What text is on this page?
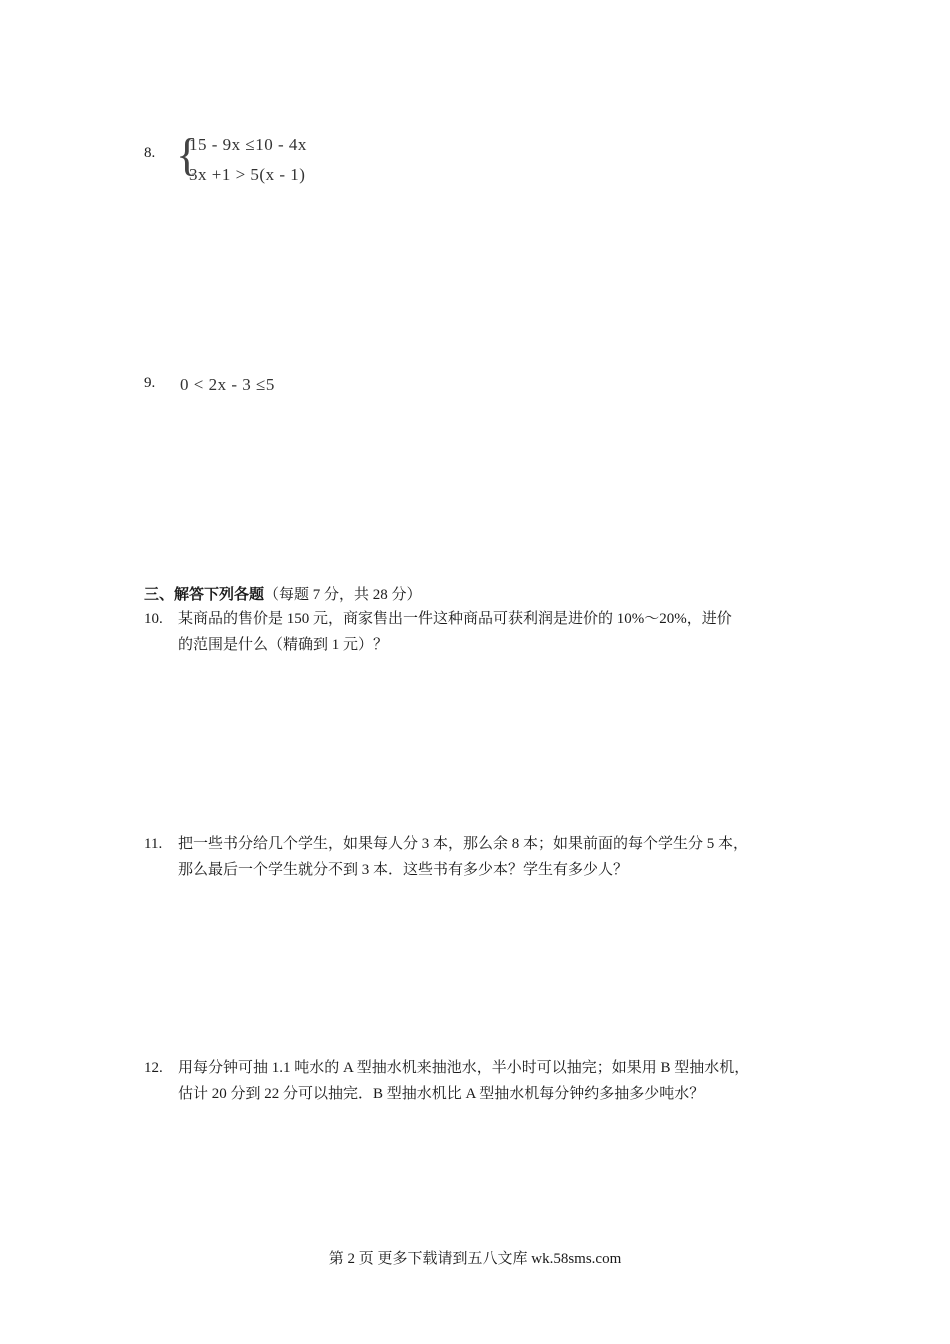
8. {
15 - 9x ≤10 - 4x
3x +1 > 5(x - 1)
9. 0 < 2x - 3 ≤5
三、解答下列各题（每题 7 分，共 28 分）
10. 某商品的售价是 150 元，商家售出一件这种商品可获利润是进价的 10%～20%，进价
的范围是什么（精确到 1 元）？
11. 把一些书分给几个学生，如果每人分 3 本，那么余 8 本；如果前面的每个学生分 5 本，
那么最后一个学生就分不到 3 本．这些书有多少本？学生有多少人？
12. 用每分钟可抽 1.1 吨水的 A 型抽水机来抽池水，半小时可以抽完；如果用 B 型抽水机，
估计 20 分到 22 分可以抽完．B 型抽水机比 A 型抽水机每分钟约多抽多少吨水？
第 2 页 更多下载请到五八文库 wk.58sms.com
